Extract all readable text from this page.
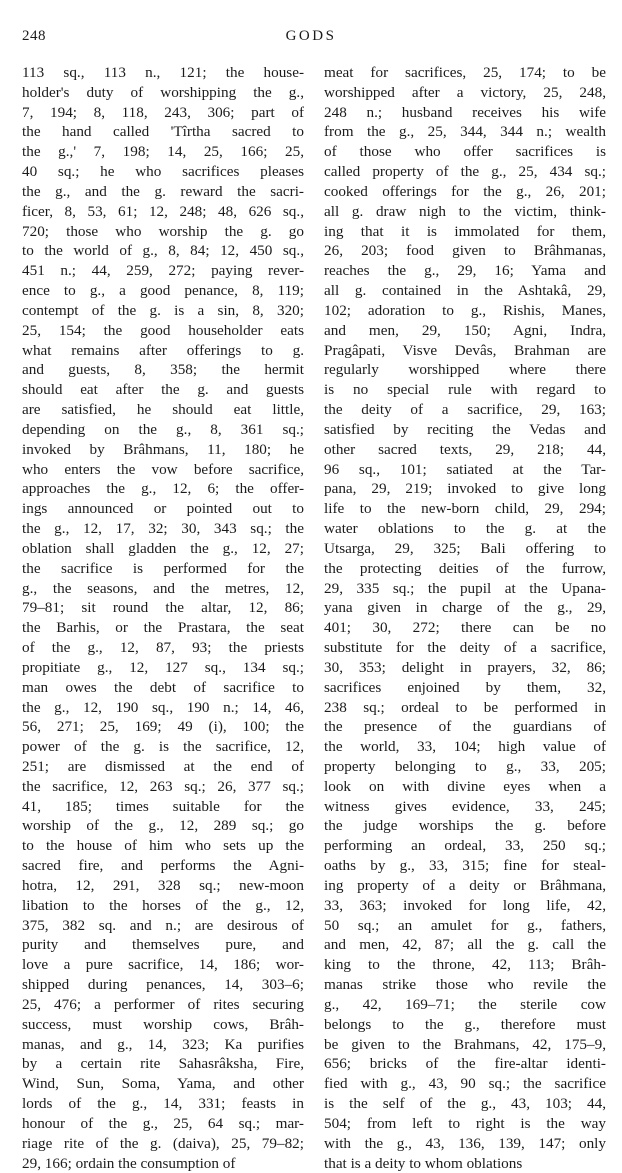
248	GODS
113 sq., 113 n., 121; the house-
holder's duty of worshipping the g.,
7, 194; 8, 118, 243, 306; part of
the hand called 'Tîrtha sacred to
the g.,' 7, 198; 14, 25, 166; 25,
40 sq.; he who sacrifices pleases
the g., and the g. reward the sacri-
ficer, 8, 53, 61; 12, 248; 48, 626 sq.,
720; those who worship the g. go
to the world of g., 8, 84; 12, 450 sq.,
451 n.; 44, 259, 272; paying rever-
ence to g., a good penance, 8, 119;
contempt of the g. is a sin, 8, 320;
25, 154; the good householder eats
what remains after offerings to g.
and guests, 8, 358; the hermit
should eat after the g. and guests
are satisfied, he should eat little,
depending on the g., 8, 361 sq.;
invoked by Brâhmans, 11, 180; he
who enters the vow before sacrifice,
approaches the g., 12, 6; the offer-
ings announced or pointed out to
the g., 12, 17, 32; 30, 343 sq.; the
oblation shall gladden the g., 12, 27;
the sacrifice is performed for the
g., the seasons, and the metres, 12,
79–81; sit round the altar, 12, 86;
the Barhis, or the Prastara, the seat
of the g., 12, 87, 93; the priests
propitiate g., 12, 127 sq., 134 sq.;
man owes the debt of sacrifice to
the g., 12, 190 sq., 190 n.; 14, 46,
56, 271; 25, 169; 49 (i), 100; the
power of the g. is the sacrifice, 12,
251; are dismissed at the end of
the sacrifice, 12, 263 sq.; 26, 377 sq.;
41, 185; times suitable for the
worship of the g., 12, 289 sq.; go
to the house of him who sets up the
sacred fire, and performs the Agni-
hotra, 12, 291, 328 sq.; new-moon
libation to the horses of the g., 12,
375, 382 sq. and n.; are desirous of
purity and themselves pure, and
love a pure sacrifice, 14, 186; wor-
shipped during penances, 14, 303–6;
25, 476; a performer of rites securing
success, must worship cows, Brâh-
manas, and g., 14, 323; Ka purifies
by a certain rite Sahasrâksha, Fire,
Wind, Sun, Soma, Yama, and other
lords of the g., 14, 331; feasts in
honour of the g., 25, 64 sq.; mar-
riage rite of the g. (daiva), 25, 79–82;
29, 166; ordain the consumption of
meat for sacrifices, 25, 174; to be
worshipped after a victory, 25, 248,
248 n.; husband receives his wife
from the g., 25, 344, 344 n.; wealth
of those who offer sacrifices is
called property of the g., 25, 434 sq.;
cooked offerings for the g., 26, 201;
all g. draw nigh to the victim, think-
ing that it is immolated for them,
26, 203; food given to Brâhmanas,
reaches the g., 29, 16; Yama and
all g. contained in the Ashtakâ, 29,
102; adoration to g., Rishis, Manes,
and men, 29, 150; Agni, Indra,
Pragâpati, Visve Devâs, Brahman are
regularly worshipped where there
is no special rule with regard to
the deity of a sacrifice, 29, 163;
satisfied by reciting the Vedas and
other sacred texts, 29, 218; 44,
96 sq., 101; satiated at the Tar-
pana, 29, 219; invoked to give long
life to the new-born child, 29, 294;
water oblations to the g. at the
Utsarga, 29, 325; Bali offering to
the protecting deities of the furrow,
29, 335 sq.; the pupil at the Upana-
yana given in charge of the g., 29,
401; 30, 272; there can be no
substitute for the deity of a sacrifice,
30, 353; delight in prayers, 32, 86;
sacrifices enjoined by them, 32,
238 sq.; ordeal to be performed in
the presence of the guardians of
the world, 33, 104; high value of
property belonging to g., 33, 205;
look on with divine eyes when a
witness gives evidence, 33, 245;
the judge worships the g. before
performing an ordeal, 33, 250 sq.;
oaths by g., 33, 315; fine for steal-
ing property of a deity or Brâhmana,
33, 363; invoked for long life, 42,
50 sq.; an amulet for g., fathers,
and men, 42, 87; all the g. call the
king to the throne, 42, 113; Brâh-
manas strike those who revile the
g., 42, 169–71; the sterile cow
belongs to the g., therefore must
be given to the Brahmans, 42, 175–9,
656; bricks of the fire-altar identi-
fied with g., 43, 90 sq.; the sacrifice
is the self of the g., 43, 103; 44,
504; from left to right is the way
with the g., 43, 136, 139, 147; only
that is a deity to whom oblations
